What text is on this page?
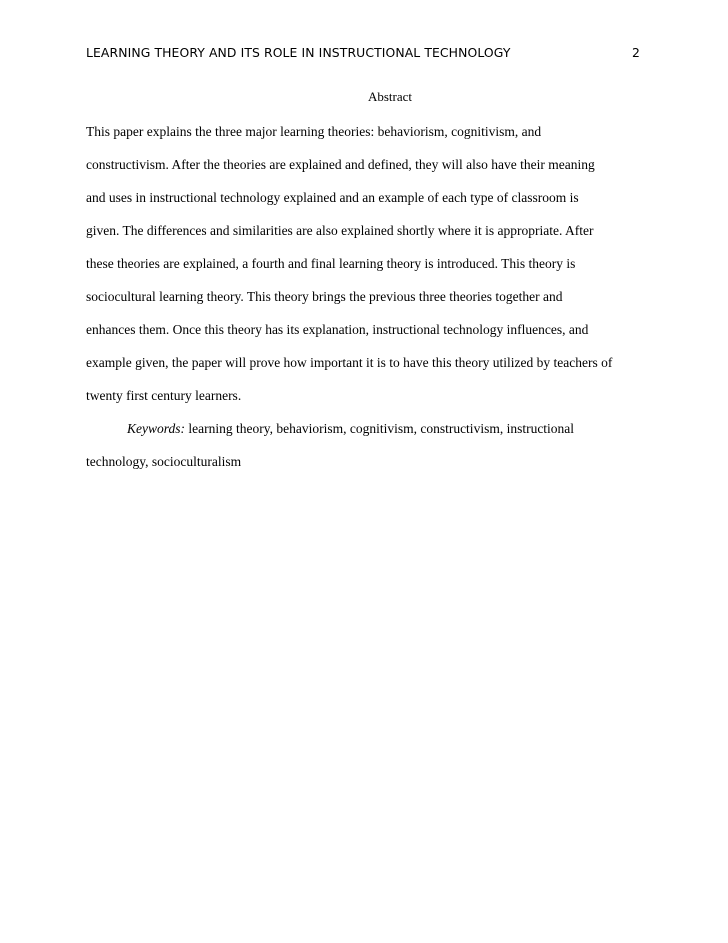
LEARNING THEORY AND ITS ROLE IN INSTRUCTIONAL TECHNOLOGY	2
Abstract
This paper explains the three major learning theories: behaviorism, cognitivism, and
constructivism. After the theories are explained and defined, they will also have their meaning
and uses in instructional technology explained and an example of each type of classroom is
given. The differences and similarities are also explained shortly where it is appropriate. After
these theories are explained, a fourth and final learning theory is introduced. This theory is
sociocultural learning theory. This theory brings the previous three theories together and
enhances them. Once this theory has its explanation, instructional technology influences, and
example given, the paper will prove how important it is to have this theory utilized by teachers of
twenty first century learners.
Keywords: learning theory, behaviorism, cognitivism, constructivism, instructional
technology, socioculturalism
